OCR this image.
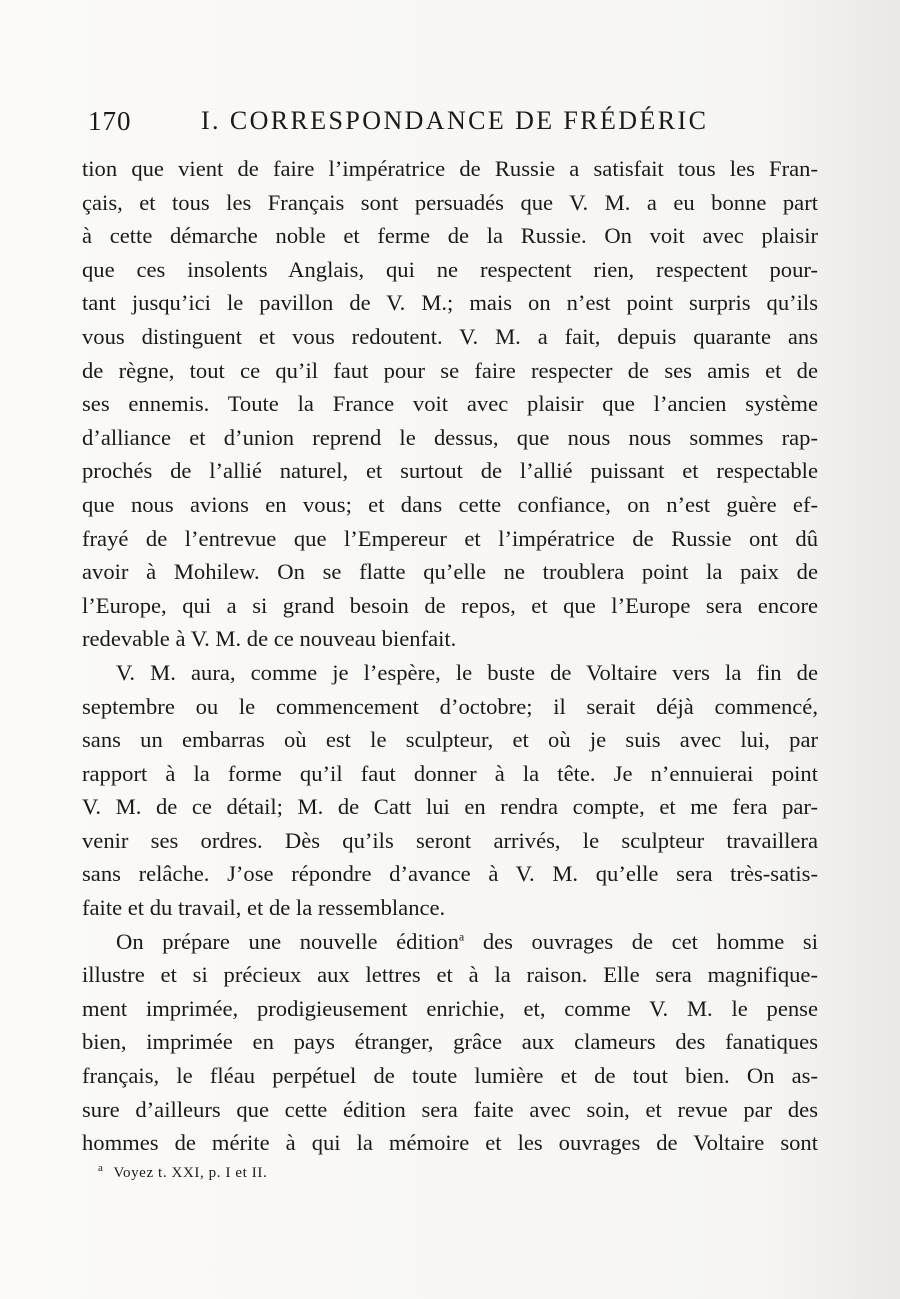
170	I. CORRESPONDANCE DE FRÉDÉRIC

tion que vient de faire l’impératrice de Russie a satisfait tous les Fran-
çais, et tous les Français sont persuadés que V. M. a eu bonne part
à cette démarche noble et ferme de la Russie. On voit avec plaisir
que ces insolents Anglais, qui ne respectent rien, respectent pour-
tant jusqu’ici le pavillon de V. M.; mais on n’est point surpris qu’ils
vous distinguent et vous redoutent. V. M. a fait, depuis quarante ans
de règne, tout ce qu’il faut pour se faire respecter de ses amis et de
ses ennemis. Toute la France voit avec plaisir que l’ancien système
d’alliance et d’union reprend le dessus, que nous nous sommes rap-
prochés de l’allié naturel, et surtout de l’allié puissant et respectable
que nous avions en vous; et dans cette confiance, on n’est guère ef-
frayé de l’entrevue que l’Empereur et l’impératrice de Russie ont dû
avoir à Mohilew. On se flatte qu’elle ne troublera point la paix de
l’Europe, qui a si grand besoin de repos, et que l’Europe sera encore
redevable à V. M. de ce nouveau bienfait.

V. M. aura, comme je l’espère, le buste de Voltaire vers la fin de
septembre ou le commencement d’octobre; il serait déjà commencé,
sans un embarras où est le sculpteur, et où je suis avec lui, par
rapport à la forme qu’il faut donner à la tête. Je n’ennuierai point
V. M. de ce détail; M. de Catt lui en rendra compte, et me fera par-
venir ses ordres. Dès qu’ils seront arrivés, le sculpteur travaillera
sans relâche. J’ose répondre d’avance à V. M. qu’elle sera très-satis-
faite et du travail, et de la ressemblance.

On prépare une nouvelle édition$^a$ des ouvrages de cet homme si
illustre et si précieux aux lettres et à la raison. Elle sera magnifique-
ment imprimée, prodigieusement enrichie, et, comme V. M. le pense
bien, imprimée en pays étranger, grâce aux clameurs des fanatiques
français, le fléau perpétuel de toute lumière et de tout bien. On as-
sure d’ailleurs que cette édition sera faite avec soin, et revue par des
hommes de mérite à qui la mémoire et les ouvrages de Voltaire sont

$^a$ Voyez t. XXI, p. I et II.
